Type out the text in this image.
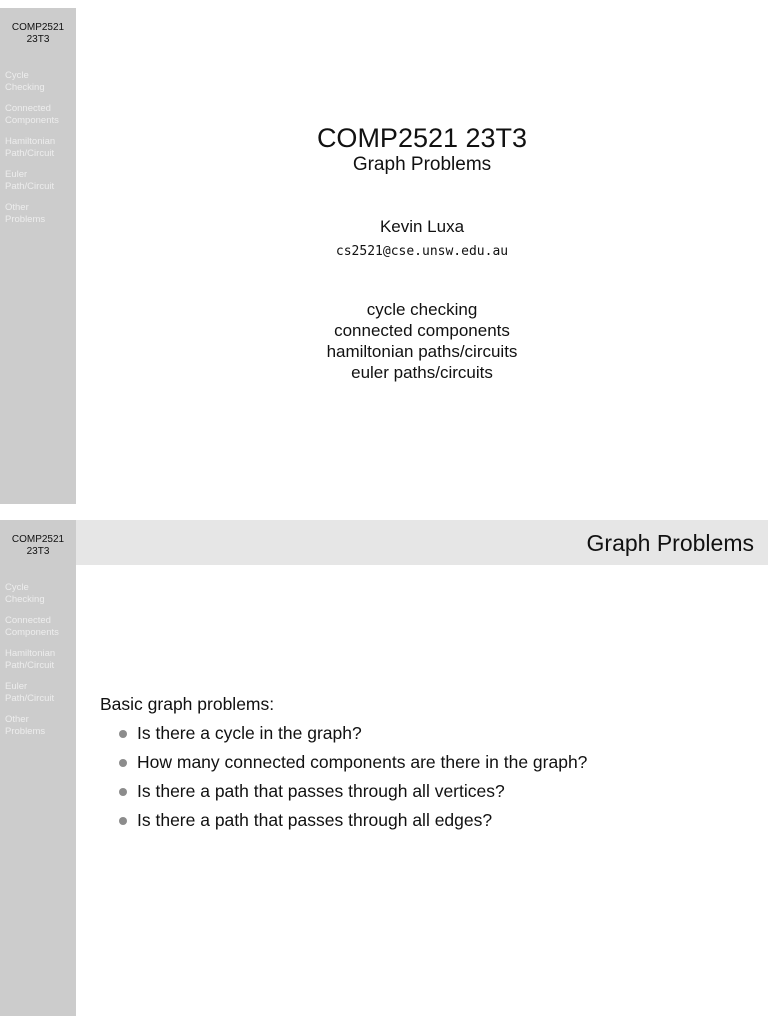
COMP2521
23T3
Cycle
Checking
Connected
Components
Hamiltonian
Path/Circuit
Euler
Path/Circuit
Other
Problems
COMP2521 23T3
Graph Problems
Kevin Luxa
cs2521@cse.unsw.edu.au
cycle checking
connected components
hamiltonian paths/circuits
euler paths/circuits
COMP2521
23T3
Cycle
Checking
Connected
Components
Hamiltonian
Path/Circuit
Euler
Path/Circuit
Other
Problems
Graph Problems
Basic graph problems:
Is there a cycle in the graph?
How many connected components are there in the graph?
Is there a path that passes through all vertices?
Is there a path that passes through all edges?
